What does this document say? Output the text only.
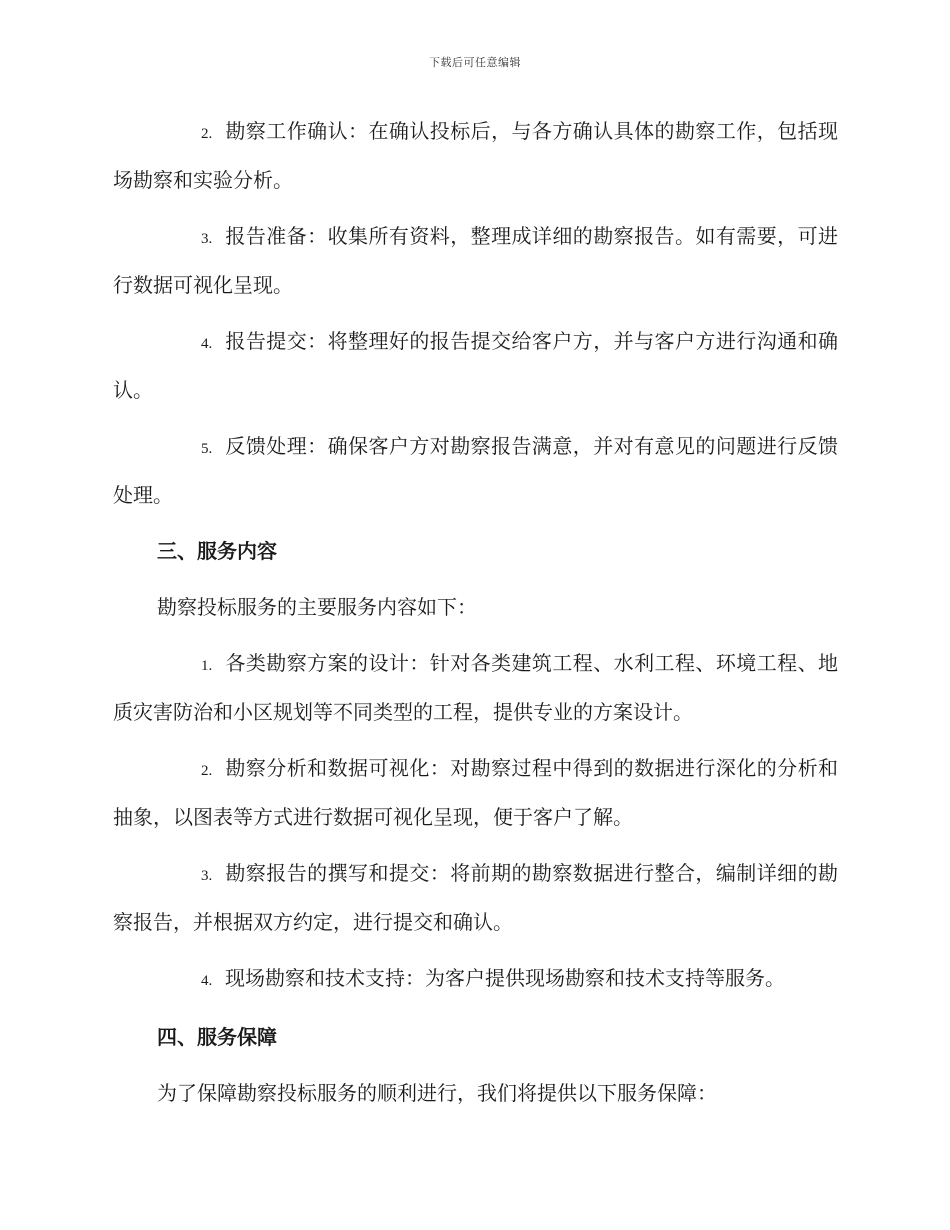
下载后可任意编辑

2. 勘察工作确认：在确认投标后，与各方确认具体的勘察工作，包括现场勘察和实验分析。

3. 报告准备：收集所有资料，整理成详细的勘察报告。如有需要，可进行数据可视化呈现。

4. 报告提交：将整理好的报告提交给客户方，并与客户方进行沟通和确认。

5. 反馈处理：确保客户方对勘察报告满意，并对有意见的问题进行反馈处理。

三、服务内容

勘察投标服务的主要服务内容如下：

1. 各类勘察方案的设计：针对各类建筑工程、水利工程、环境工程、地质灾害防治和小区规划等不同类型的工程，提供专业的方案设计。

2. 勘察分析和数据可视化：对勘察过程中得到的数据进行深化的分析和抽象，以图表等方式进行数据可视化呈现，便于客户了解。

3. 勘察报告的撰写和提交：将前期的勘察数据进行整合，编制详细的勘察报告，并根据双方约定，进行提交和确认。

4. 现场勘察和技术支持：为客户提供现场勘察和技术支持等服务。

四、服务保障

为了保障勘察投标服务的顺利进行，我们将提供以下服务保障：
